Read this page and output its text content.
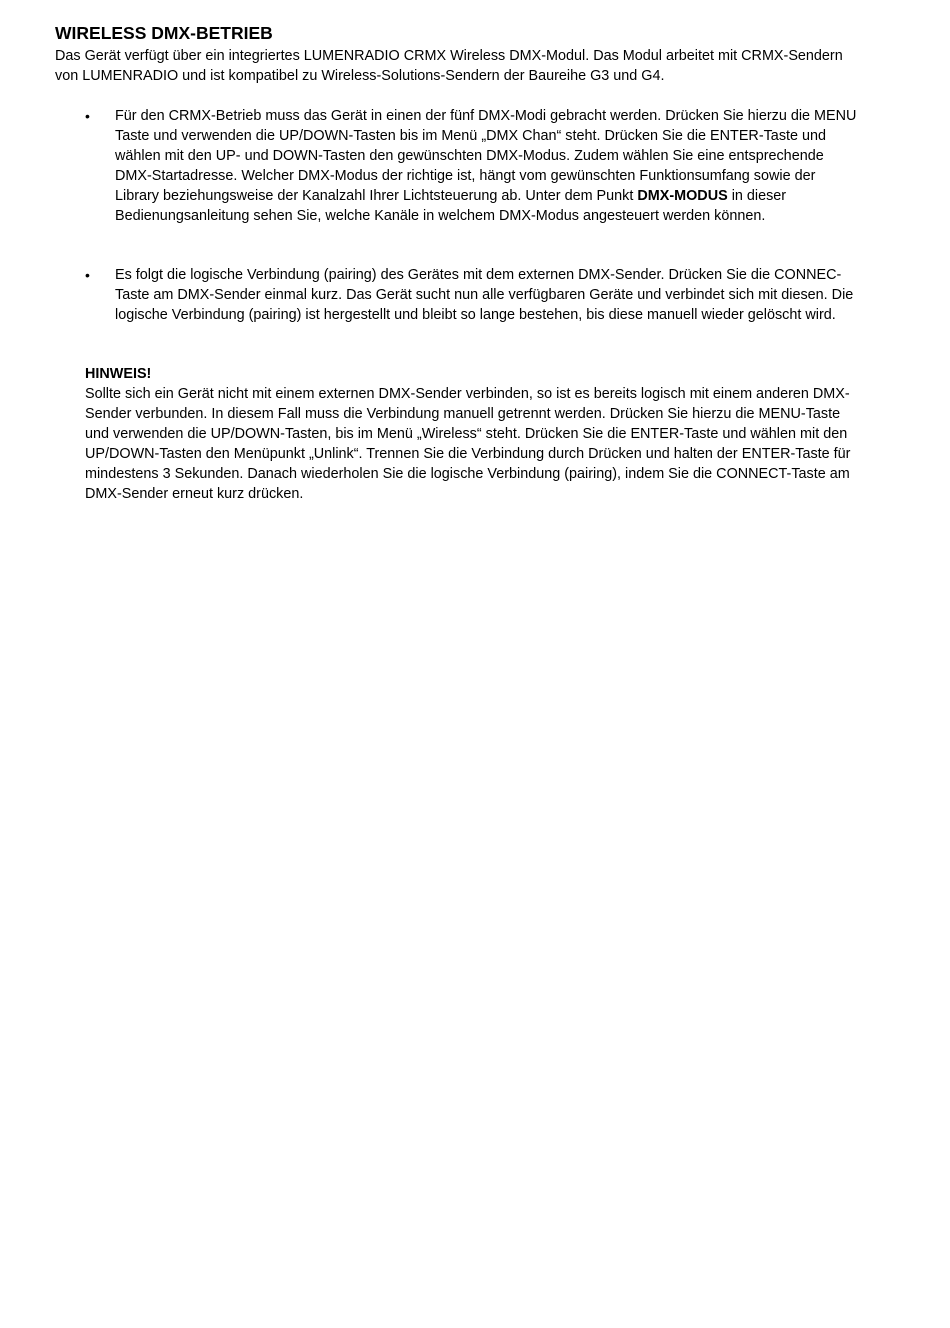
WIRELESS DMX-BETRIEB

Das Gerät verfügt über ein integriertes LUMENRADIO CRMX Wireless DMX-Modul. Das Modul arbeitet mit CRMX-Sendern von LUMENRADIO und ist kompatibel zu Wireless-Solutions-Sendern der Baureihe G3 und G4.

• Für den CRMX-Betrieb muss das Gerät in einen der fünf DMX-Modi gebracht werden. Drücken Sie hierzu die MENU Taste und verwenden die UP/DOWN-Tasten bis im Menü „DMX Chan“ steht. Drücken Sie die ENTER-Taste und wählen mit den UP- und DOWN-Tasten den gewünschten DMX-Modus. Zudem wählen Sie eine entsprechende DMX-Startadresse. Welcher DMX-Modus der richtige ist, hängt vom gewünschten Funktionsumfang sowie der Library beziehungsweise der Kanalzahl Ihrer Lichtsteuerung ab. Unter dem Punkt DMX-MODUS in dieser Bedienungsanleitung sehen Sie, welche Kanäle in welchem DMX-Modus angesteuert werden können.
• Es folgt die logische Verbindung (pairing) des Gerätes mit dem externen DMX-Sender. Drücken Sie die CONNEC-Taste am DMX-Sender einmal kurz. Das Gerät sucht nun alle verfügbaren Geräte und verbindet sich mit diesen. Die logische Verbindung (pairing) ist hergestellt und bleibt so lange bestehen, bis diese manuell wieder gelöscht wird.

HINWEIS!

Sollte sich ein Gerät nicht mit einem externen DMX-Sender verbinden, so ist es bereits logisch mit einem anderen DMX-Sender verbunden. In diesem Fall muss die Verbindung manuell getrennt werden. Drücken Sie hierzu die MENU-Taste und verwenden die UP/DOWN-Tasten, bis im Menü „Wireless“ steht. Drücken Sie die ENTER-Taste und wählen mit den UP/DOWN-Tasten den Menüpunkt „Unlink“. Trennen Sie die Verbindung durch Drücken und halten der ENTER-Taste für mindestens 3 Sekunden. Danach wiederholen Sie die logische Verbindung (pairing), indem Sie die CONNECT-Taste am DMX-Sender erneut kurz drücken.
